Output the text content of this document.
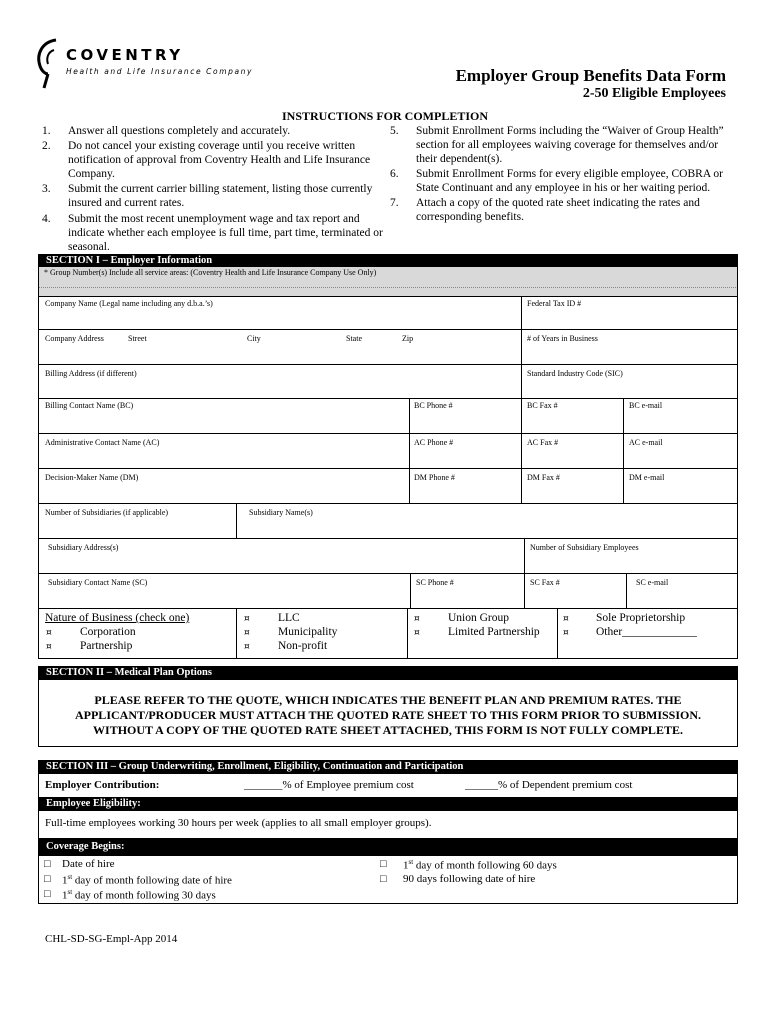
COVENTRY
Health and Life Insurance Company	Employer Group Benefits Data Form
2-50 Eligible Employees
INSTRUCTIONS FOR COMPLETION
1.	Answer all questions completely and accurately.
2.	Do not cancel your existing coverage until you receive written
notification of approval from Coventry Health and Life Insurance
Company.
3.	Submit the current carrier billing statement, listing those currently
insured and current rates.
4.	Submit the most recent unemployment wage and tax report and
indicate whether each employee is full time, part time, terminated or
seasonal.
5.	Submit Enrollment Forms including the “Waiver of Group Health”
section for all employees waiving coverage for themselves and/or
their dependent(s).
6.	Submit Enrollment Forms for every eligible employee, COBRA or
State Continuant and any employee in his or her waiting period.
7.	Attach a copy of the quoted rate sheet indicating the rates and
corresponding benefits.
SECTION I – Employer Information
* Group Number(s) Include all service areas: (Coventry Health and Life Insurance Company Use Only)
Company Name (Legal name including any d.b.a.’s)	Federal Tax ID #
Company Address	Street	City	State	Zip	# of Years in Business
Billing Address (if different)	Standard Industry Code (SIC)
Billing Contact Name (BC)	BC Phone #	BC Fax #	BC e-mail
Administrative Contact Name (AC)	AC Phone #	AC Fax #	AC e-mail
Decision-Maker Name (DM)	DM Phone #	DM Fax #	DM e-mail
Number of Subsidiaries (if applicable)	Subsidiary Name(s)
Subsidiary Address(s)	Number of Subsidiary Employees
Subsidiary Contact Name (SC)	SC Phone #	SC Fax #	SC e-mail
Nature of Business (check one)
¤ Corporation
¤ Partnership
¤ LLC
¤ Municipality
¤ Non-profit
¤ Union Group
¤ Limited Partnership
¤ Sole Proprietorship
¤ Other_____________
SECTION II – Medical Plan Options
PLEASE REFER TO THE QUOTE, WHICH INDICATES THE BENEFIT PLAN AND PREMIUM RATES. THE
APPLICANT/PRODUCER MUST ATTACH THE QUOTED RATE SHEET TO THIS FORM PRIOR TO SUBMISSION.
WITHOUT A COPY OF THE QUOTED RATE SHEET ATTACHED, THIS FORM IS NOT FULLY COMPLETE.
SECTION III – Group Underwriting, Enrollment, Eligibility, Continuation and Participation
Employer Contribution:	_______% of Employee premium cost	______% of Dependent premium cost
Employee Eligibility:
Full-time employees working 30 hours per week (applies to all small employer groups).
Coverage Begins:
□ Date of hire
□ 1st day of month following date of hire
□ 1st day of month following 30 days
□ 1st day of month following 60 days
□ 90 days following date of hire
CHL-SD-SG-Empl-App 2014
